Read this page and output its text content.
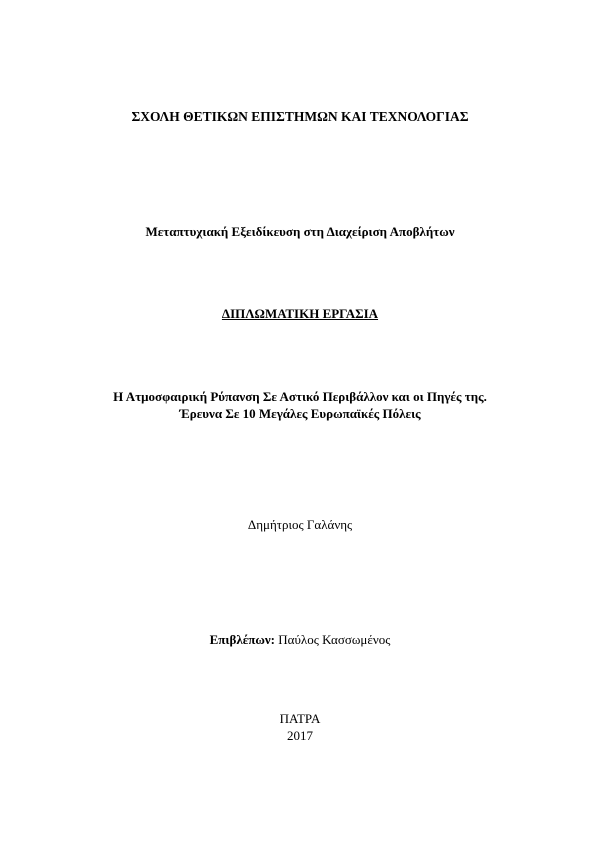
ΣΧΟΛΗ ΘΕΤΙΚΩΝ ΕΠΙΣΤΗΜΩΝ ΚΑΙ ΤΕΧΝΟΛΟΓΙΑΣ
Μεταπτυχιακή Εξειδίκευση στη Διαχείριση Αποβλήτων
ΔΙΠΛΩΜΑΤΙΚΗ ΕΡΓΑΣΙΑ
Η Ατμοσφαιρική Ρύπανση Σε Αστικό Περιβάλλον και οι Πηγές της.
Έρευνα Σε 10 Μεγάλες Ευρωπαϊκές Πόλεις
Δημήτριος Γαλάνης
Επιβλέπων: Παύλος Κασσωμένος
ΠΑΤΡΑ
2017
